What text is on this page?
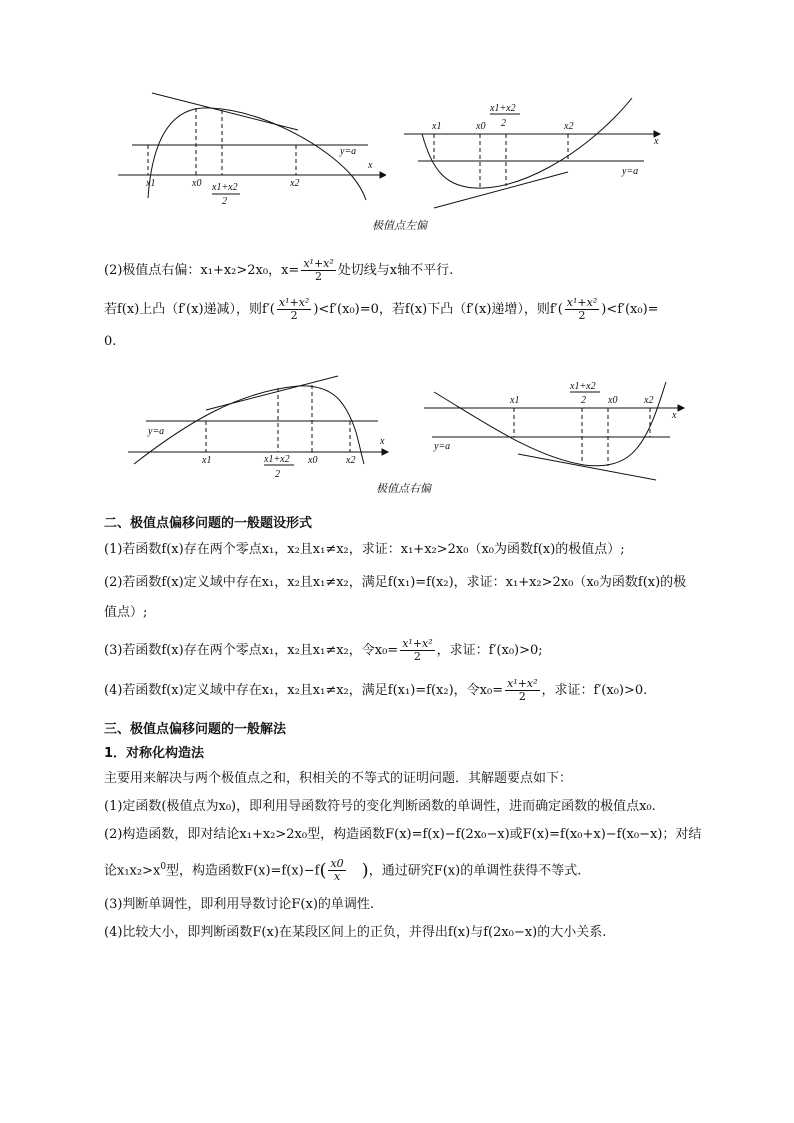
y=a
x
x1	x0 x1+x2
2
x2
x1+x2
2
x1	x0	x2
x
y=a
极值点左偏
(2)极值点右偏：x₁+x₂>2x₀，$x= \frac{\text{x¹+x²}}{2}$ 处切线与x轴不平行.
若f(x)上凸（f′(x)递减），则$f'( \frac{\text{x¹+x²}}{2} )<f'(x_0)=0$，若f(x)下凸（f′(x)递增），则$f'( \frac{\text{x¹+x²}}{2} )<f'(x_0)=$
0.
y=a
x
x1	x1+x2
2
x0	x2
x1+x2
2
x1	x0	x2
x
y=a
极值点右偏
二、极值点偏移问题的一般题设形式
(1)若函数f(x)存在两个零点x₁，x₂且x₁≠x₂，求证：x₁+x₂>2x₀（x₀为函数f(x)的极值点）;
(2)若函数f(x)定义域中存在x₁，x₂且x₁≠x₂，满足f(x₁)=f(x₂)，求证：x₁+x₂>2x₀（x₀为函数f(x)的极
值点）;
(3)若函数f(x)存在两个零点x₁，x₂且x₁≠x₂，令$x_0= \frac{\text{x¹+x²}}{2}$ ，求证：f′(x₀)>0;
(4)若函数f(x)定义域中存在x₁，x₂且x₁≠x₂，满足f(x₁)=f(x₂)，令$x_0= \frac{\text{x¹+x²}}{2}$ ，求证：f′(x₀)>0.
三、极值点偏移问题的一般解法
1．对称化构造法
主要用来解决与两个极值点之和，积相关的不等式的证明问题．其解题要点如下：
(1)定函数(极值点为x₀)，即利用导函数符号的变化判断函数的单调性，进而确定函数的极值点x₀.
(2)构造函数，即对结论x₁+x₂>2x₀型，构造函数F(x)=f(x)−f(2x₀−x)或F(x)=f(x₀+x)−f(x₀−x)；对结
论$x_1x_2>x^0$型，构造函数$F(x)=f(x)-f( \frac{x0}{x}$ )，通过研究F(x)的单调性获得不等式.
(3)判断单调性，即利用导数讨论F(x)的单调性.
(4)比较大小，即判断函数F(x)在某段区间上的正负，并得出f(x)与f(2x₀−x)的大小关系.
